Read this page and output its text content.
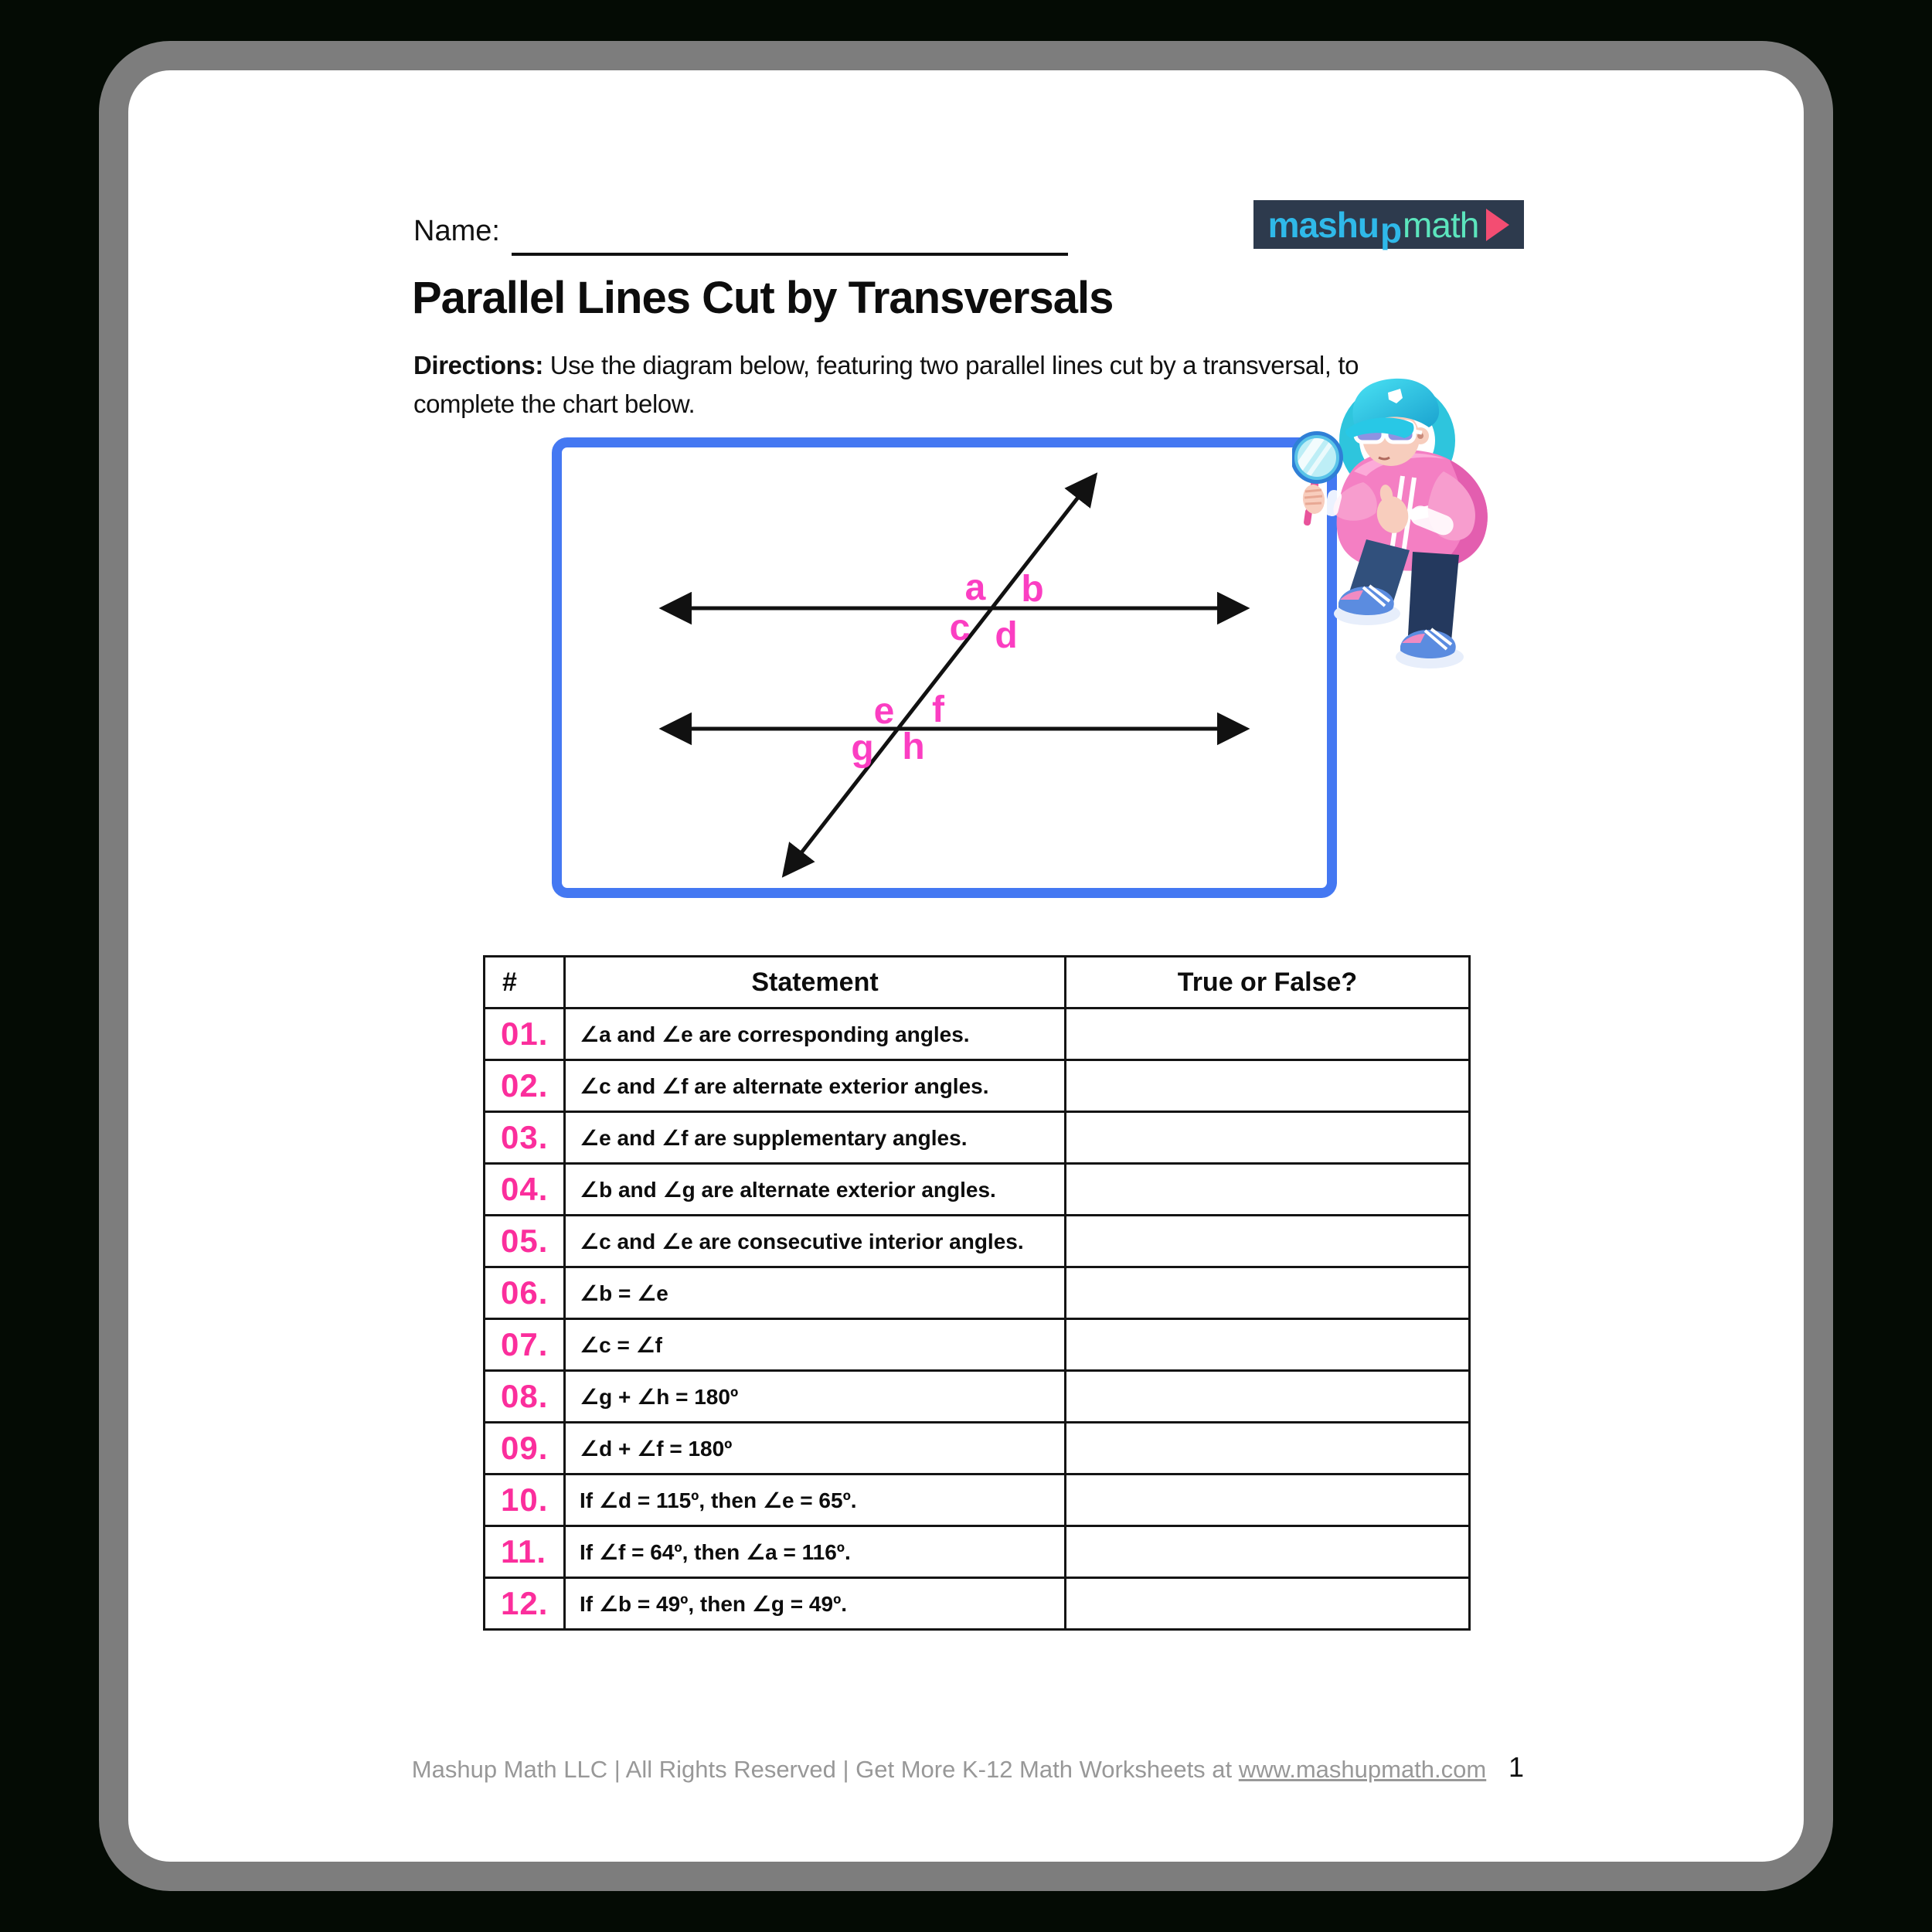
Name:	mashu p math
Parallel Lines Cut by Transversals
Directions: Use the diagram below, featuring two parallel lines cut by a transversal, to complete the chart below.
a b
c d
e f
g h
#	Statement	True or False?
01.	∠a and ∠e are corresponding angles.	
02.	∠c and ∠f are alternate exterior angles.	
03.	∠e and ∠f are supplementary angles.	
04.	∠b and ∠g are alternate exterior angles.	
05.	∠c and ∠e are consecutive interior angles.	
06.	∠b = ∠e	
07.	∠c = ∠f	
08.	∠g + ∠h = 180º	
09.	∠d + ∠f = 180º	
10.	If ∠d = 115º, then ∠e = 65º.	
11.	If ∠f = 64º, then ∠a = 116º.	
12.	If ∠b = 49º, then ∠g = 49º.	
Mashup Math LLC | All Rights Reserved | Get More K-12 Math Worksheets at www.mashupmath.com 1
